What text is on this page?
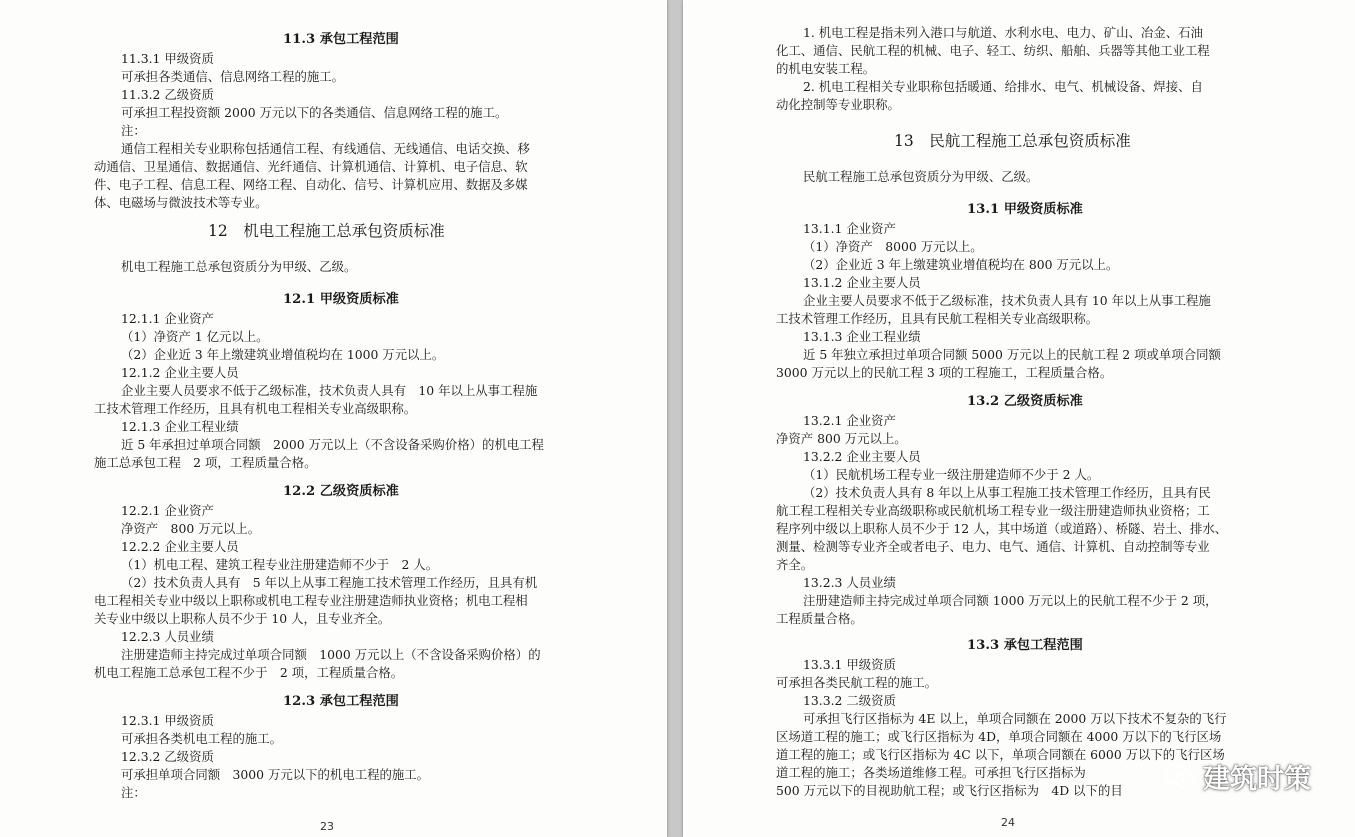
11.3 承包工程范围
11.3.1 甲级资质
可承担各类通信、信息网络工程的施工。
11.3.2 乙级资质
可承担工程投资额 2000 万元以下的各类通信、信息网络工程的施工。
注：
通信工程相关专业职称包括通信工程、有线通信、无线通信、电话交换、移
动通信、卫星通信、数据通信、光纤通信、计算机通信、计算机、电子信息、软
件、电子工程、信息工程、网络工程、自动化、信号、计算机应用、数据及多媒
体、电磁场与微波技术等专业。
12　机电工程施工总承包资质标准
机电工程施工总承包资质分为甲级、乙级。
12.1 甲级资质标准
12.1.1 企业资产
（1）净资产 1 亿元以上。
（2）企业近 3 年上缴建筑业增值税均在 1000 万元以上。
12.1.2 企业主要人员
企业主要人员要求不低于乙级标准，技术负责人具有　10 年以上从事工程施
工技术管理工作经历，且具有机电工程相关专业高级职称。
12.1.3 企业工程业绩
近 5 年承担过单项合同额　2000 万元以上（不含设备采购价格）的机电工程
施工总承包工程　2 项，工程质量合格。
12.2 乙级资质标准
12.2.1 企业资产
净资产　800 万元以上。
12.2.2 企业主要人员
（1）机电工程、建筑工程专业注册建造师不少于　2 人。
（2）技术负责人具有　5 年以上从事工程施工技术管理工作经历，且具有机
电工程相关专业中级以上职称或机电工程专业注册建造师执业资格；机电工程相
关专业中级以上职称人员不少于 10 人，且专业齐全。
12.2.3 人员业绩
注册建造师主持完成过单项合同额　1000 万元以上（不含设备采购价格）的
机电工程施工总承包工程不少于　2 项，工程质量合格。
12.3 承包工程范围
12.3.1 甲级资质
可承担各类机电工程的施工。
12.3.2 乙级资质
可承担单项合同额　3000 万元以下的机电工程的施工。
注：
23
1. 机电工程是指未列入港口与航道、水利水电、电力、矿山、冶金、石油
化工、通信、民航工程的机械、电子、轻工、纺织、船舶、兵器等其他工业工程
的机电安装工程。
2. 机电工程相关专业职称包括暖通、给排水、电气、机械设备、焊接、自
动化控制等专业职称。
13　民航工程施工总承包资质标准
民航工程施工总承包资质分为甲级、乙级。
13.1 甲级资质标准
13.1.1 企业资产
（1）净资产　8000 万元以上。
（2）企业近 3 年上缴建筑业增值税均在 800 万元以上。
13.1.2 企业主要人员
企业主要人员要求不低于乙级标准，技术负责人具有 10 年以上从事工程施
工技术管理工作经历，且具有民航工程相关专业高级职称。
13.1.3 企业工程业绩
近 5 年独立承担过单项合同额 5000 万元以上的民航工程 2 项或单项合同额
3000 万元以上的民航工程 3 项的工程施工，工程质量合格。
13.2 乙级资质标准
13.2.1 企业资产
净资产 800 万元以上。
13.2.2 企业主要人员
（1）民航机场工程专业一级注册建造师不少于 2 人。
（2）技术负责人具有 8 年以上从事工程施工技术管理工作经历，且具有民
航工程工程相关专业高级职称或民航机场工程专业一级注册建造师执业资格；工
程序列中级以上职称人员不少于 12 人，其中场道（或道路）、桥隧、岩土、排水、
测量、检测等专业齐全或者电子、电力、电气、通信、计算机、自动控制等专业
齐全。
13.2.3 人员业绩
注册建造师主持完成过单项合同额 1000 万元以上的民航工程不少于 2 项，
工程质量合格。
13.3 承包工程范围
13.3.1 甲级资质
可承担各类民航工程的施工。
13.3.2 二级资质
可承担飞行区指标为 4E 以上，单项合同额在 2000 万以下技术不复杂的飞行
区场道工程的施工；或飞行区指标为 4D，单项合同额在 4000 万以下的飞行区场
道工程的施工；或飞行区指标为 4C 以下，单项合同额在 6000 万以下的飞行区场
道工程的施工；各类场道维修工程。可承担飞行区指标为
500 万元以下的目视助航工程；或飞行区指标为　4D 以下的目
24
建筑时策
